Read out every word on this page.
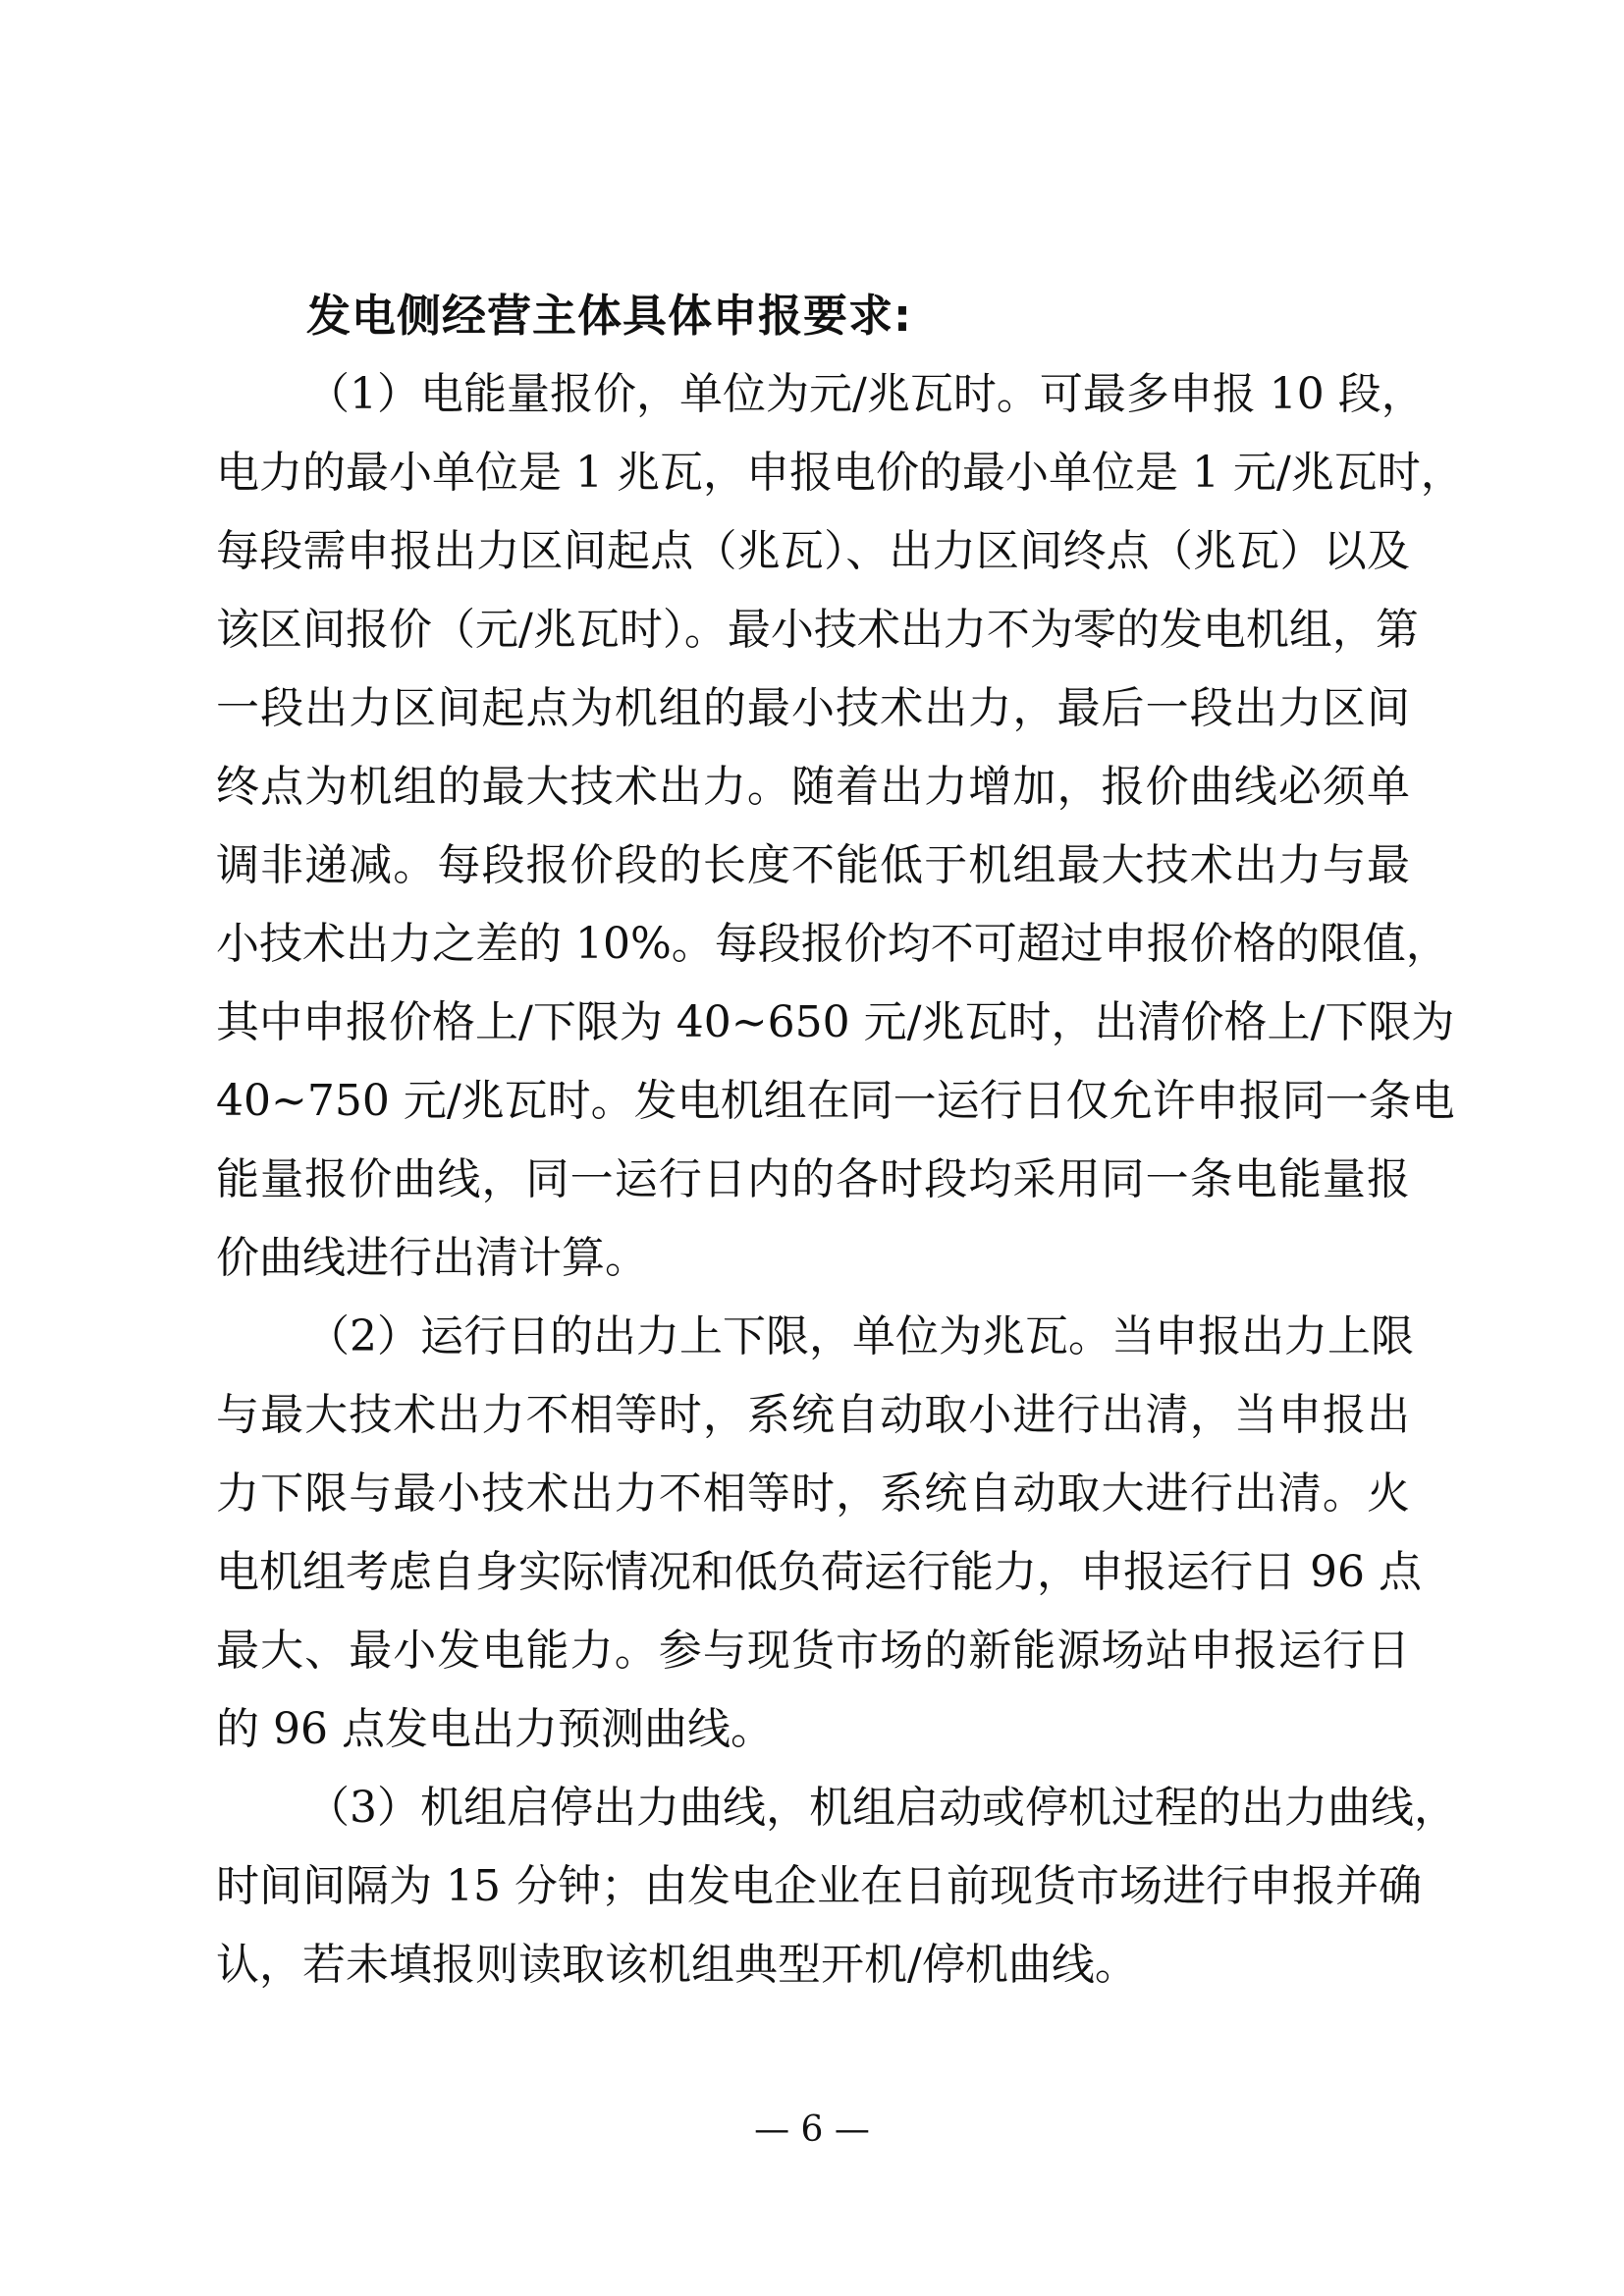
发电侧经营主体具体申报要求:
（1）电能量报价，单位为元/兆瓦时。可最多申报 10 段，
电力的最小单位是 1 兆瓦，申报电价的最小单位是 1 元/兆瓦时，
每段需申报出力区间起点（兆瓦）、出力区间终点（兆瓦）以及
该区间报价（元/兆瓦时）。最小技术出力不为零的发电机组，第
一段出力区间起点为机组的最小技术出力，最后一段出力区间
终点为机组的最大技术出力。随着出力增加，报价曲线必须单
调非递减。每段报价段的长度不能低于机组最大技术出力与最
小技术出力之差的 10%。每段报价均不可超过申报价格的限值，
其中申报价格上/下限为 40~650 元/兆瓦时，出清价格上/下限为
40~750 元/兆瓦时。发电机组在同一运行日仅允许申报同一条电
能量报价曲线，同一运行日内的各时段均采用同一条电能量报
价曲线进行出清计算。
（2）运行日的出力上下限，单位为兆瓦。当申报出力上限
与最大技术出力不相等时，系统自动取小进行出清，当申报出
力下限与最小技术出力不相等时，系统自动取大进行出清。火
电机组考虑自身实际情况和低负荷运行能力，申报运行日 96 点
最大、最小发电能力。参与现货市场的新能源场站申报运行日
的 96 点发电出力预测曲线。
（3）机组启停出力曲线，机组启动或停机过程的出力曲线，
时间间隔为 15 分钟；由发电企业在日前现货市场进行申报并确
认，若未填报则读取该机组典型开机/停机曲线。
— 6 —
